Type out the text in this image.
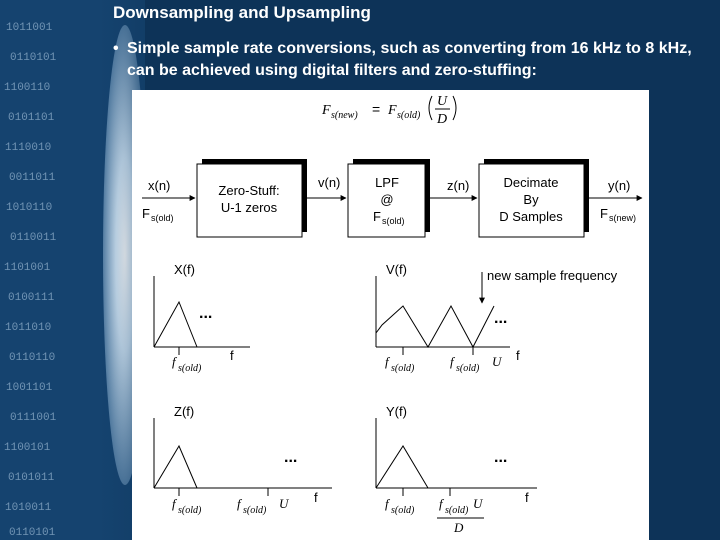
1011001
0110101
1100110
0101101
1110010
0011011
1010110
0110011
1101001
0100111
1011010
0110110
1001101
0111001
1100101
0101011
1010011
0110101
Downsampling and Upsampling
• Simple sample rate conversions, such as converting from 16 kHz to 8 kHz, can be achieved using digital filters and zero-stuffing:
F s(new) = F s(old)
U
D
Zero-Stuff:
U-1 zeros
LPF
@
Decimate
By
D Samples
F s(old)
x(n)
F s(old)
v(n)	z(n)	y(n)
F s(new)
X(f)
...
f
f s(old)
V(f)
...
f
f s(old)	f s(old) U
new sample frequency
Z(f)
...
f
f s(old)	f s(old) U
Y(f)
...
f
f s(old) f s(old) U
D
